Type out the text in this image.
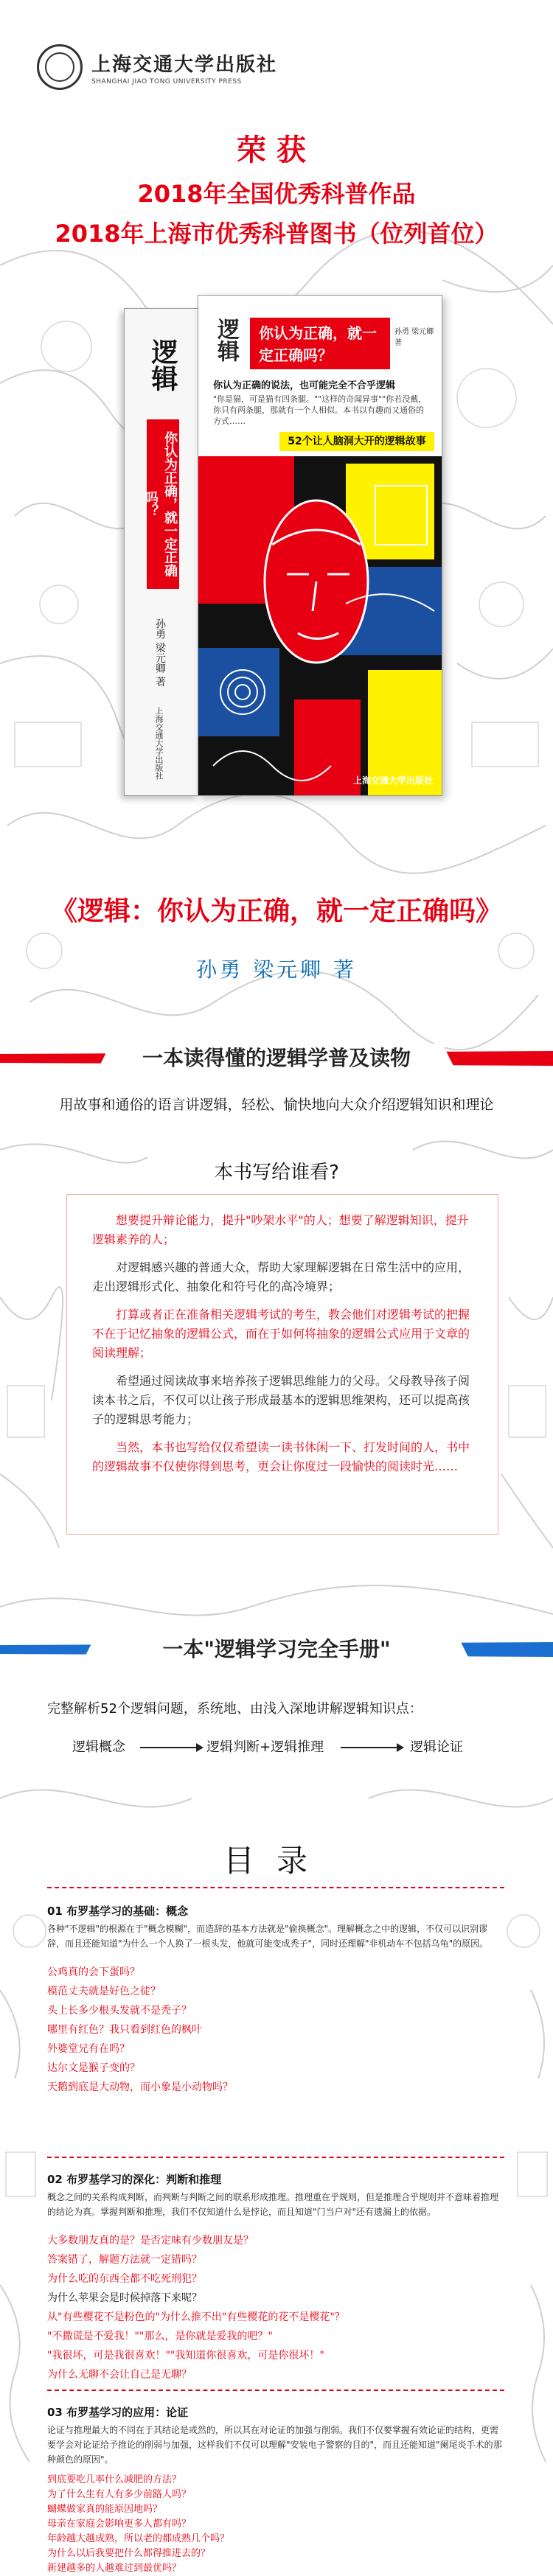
上海交通大学出版社
SHANGHAI JIAO TONG UNIVERSITY PRESS
荣获
2018年全国优秀科普作品
2018年上海市优秀科普图书（位列首位）
逻辑
你认为正确，就一定正确吗？
孙勇 梁元卿 著
上海交通大学出版社
逻辑	你认为正确，就一定正确吗？
孙勇 梁元卿 著
你认为正确的说法，也可能完全不合乎逻辑
"你是猫，可是猫有四条腿。""这样的奇闻异事""你若没戴，你只有两条腿，那就有一个人相似。本书以有趣而又通俗的方式……
52个让人脑洞大开的逻辑故事
上海交通大学出版社
《逻辑：你认为正确，就一定正确吗》
孙勇 梁元卿 著
一本读得懂的逻辑学普及读物
用故事和通俗的语言讲逻辑，轻松、愉快地向大众介绍逻辑知识和理论
本书写给谁看?

想要提升辩论能力，提升"吵架水平"的人；想要了解逻辑知识，提升逻辑素养的人；

对逻辑感兴趣的普通大众，帮助大家理解逻辑在日常生活中的应用，走出逻辑形式化、抽象化和符号化的高冷境界；

打算或者正在准备相关逻辑考试的考生，教会他们对逻辑考试的把握不在于记忆抽象的逻辑公式，而在于如何将抽象的逻辑公式应用于文章的阅读理解；

希望通过阅读故事来培养孩子逻辑思维能力的父母。父母教导孩子阅读本书之后，不仅可以让孩子形成最基本的逻辑思维架构，还可以提高孩子的逻辑思考能力；

当然，本书也写给仅仅希望读一读书休闲一下、打发时间的人，书中的逻辑故事不仅使你得到思考，更会让你度过一段愉快的阅读时光……

一本"逻辑学习完全手册"
完整解析52个逻辑问题，系统地、由浅入深地讲解逻辑知识点：
逻辑概念	逻辑判断+逻辑推理	逻辑论证
目录
01 布罗基学习的基础：概念
各种"不逻辑"的根源在于"概念模糊"，而造辞的基本方法就是"偷换概念"。理解概念之中的逻辑，不仅可以识别谬辞，而且还能知道"为什么一个人换了一根头发，他就可能变成秃子"，同时还理解"非机动车不包括乌龟"的原因。
公鸡真的会下蛋吗？
模范丈夫就是好色之徒？
头上长多少根头发就不是秃子？
哪里有红色？我只看到红色的枫叶
外婆堂兄有在吗？
达尔文是猴子变的？
天鹅到底是大动物，而小象是小动物吗？
02 布罗基学习的深化：判断和推理
概念之间的关系构成判断，而判断与判断之间的联系形成推理。推理重在乎规则，但是推理合乎规则并不意味着推理的结论为真。掌握判断和推理，我们不仅知道什么是悖论，而且知道"门当户对"还有遗漏上的依据。
大多数朋友真的是？是否定味有少数朋友是？
答案错了，解题方法就一定错吗？
为什么吃的东西全都不吃死刑犯？
为什么苹果会是时候掉落下来呢？
从"有些樱花不是粉色的"为什么推不出"有些樱花的花不是樱花"？
"不撒谎是不爱我！""那么，是你就是爱我的吧？"
"我很坏，可是我很喜欢！""我知道你很喜欢，可是你很坏！"
为什么无聊不会让自己是无聊？
03 布罗基学习的应用：论证
论证与推理最大的不同在于其结论是或然的，所以其在对论证的加强与削弱。我们不仅要掌握有效论证的结构，更需要学会对论证给予推论的削弱与加强，这样我们不仅可以理解"安装电子警察的目的"，而且还能知道"阑尾炎手术的那种颜色的原因"。
到底要吃几率什么减肥的方法？
为了什么生有人有多少前路人吗？
蝴蝶做家真的能原因地吗？
母亲在家庭会影响更多人都有吗？
年龄越大越成熟，所以老的都成熟几个吗？
为什么以后我要把什么都得推进去的？
新建越多的人越难过到最优吗？
